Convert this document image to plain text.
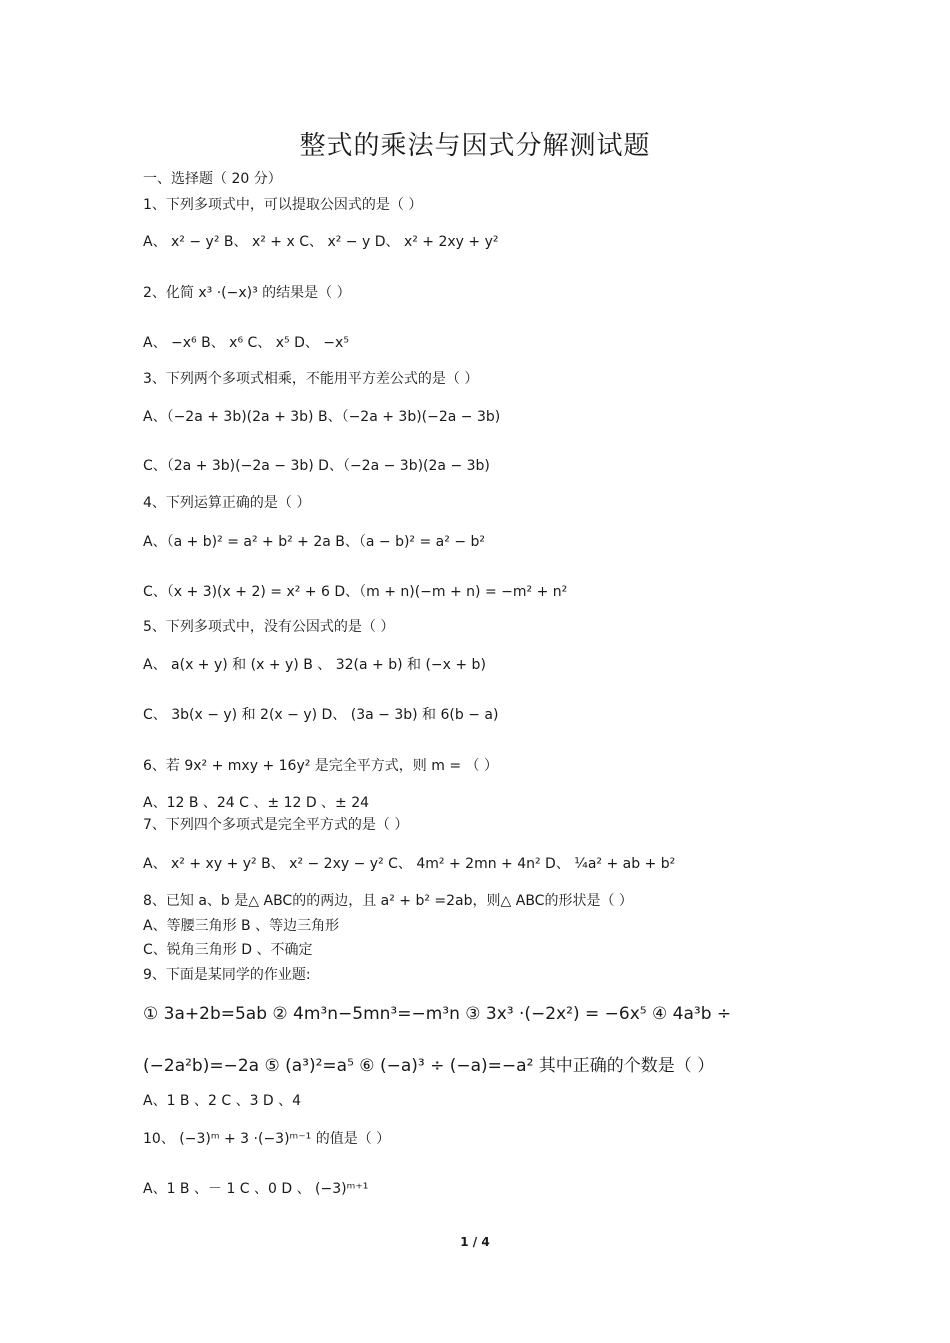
整式的乘法与因式分解测试题
一、选择题（ 20 分）
1、下列多项式中，可以提取公因式的是（ ）
A、 x² − y² B、 x² + x C、 x² − y D、 x² + 2xy + y²
2、化简 x³ ·(−x)³ 的结果是（ ）
A、 −x⁶ B、 x⁶ C、 x⁵ D、 −x⁵
3、下列两个多项式相乘，不能用平方差公式的是（ ）
A、（−2a + 3b)(2a + 3b) B、（−2a + 3b)(−2a − 3b)
C、（2a + 3b)(−2a − 3b) D、（−2a − 3b)(2a − 3b)
4、下列运算正确的是（ ）
A、（a + b)² = a² + b² + 2a B、（a − b)² = a² − b²
C、（x + 3)(x + 2) = x² + 6 D、（m + n)(−m + n) = −m² + n²
5、下列多项式中，没有公因式的是（ ）
A、 a(x + y) 和 (x + y) B 、 32(a + b) 和 (−x + b)
C、 3b(x − y) 和 2(x − y) D、 (3a − 3b) 和 6(b − a)
6、若 9x² + mxy + 16y² 是完全平方式，则 m = （ ）
A、12 B 、24 C 、± 12 D 、± 24
7、下列四个多项式是完全平方式的是（ ）
A、 x² + xy + y² B、 x² − 2xy − y² C、 4m² + 2mn + 4n² D、 ¼a² + ab + b²
8、已知 a、b 是△ ABC的的两边，且 a² + b² =2ab，则△ ABC的形状是（ ）
A、等腰三角形 B 、等边三角形
C、锐角三角形 D 、不确定
9、下面是某同学的作业题:
① 3a+2b=5ab ② 4m³n−5mn³=−m³n ③ 3x³ ·(−2x²) = −6x⁵ ④ 4a³b ÷
(−2a²b)=−2a ⑤ (a³)²=a⁵ ⑥ (−a)³ ÷ (−a)=−a² 其中正确的个数是（ ）
A、1 B 、2 C 、3 D 、4
10、 (−3)ᵐ + 3 ·(−3)ᵐ⁻¹ 的值是（ ）
A、1 B 、－ 1 C 、0 D 、 (−3)ᵐ⁺¹
1 / 4
